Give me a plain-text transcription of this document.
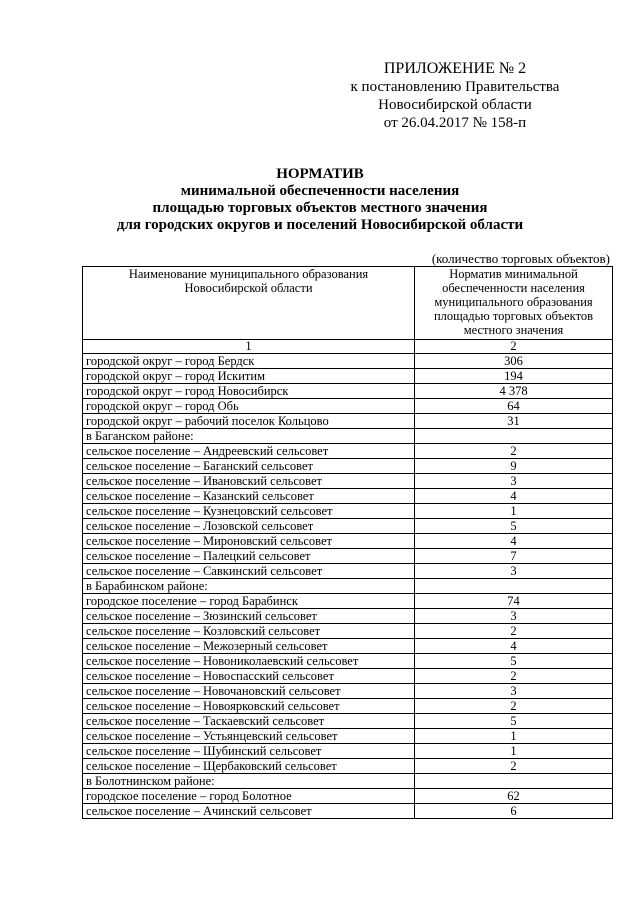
ПРИЛОЖЕНИЕ № 2
к постановлению Правительства
Новосибирской области
от 26.04.2017 № 158-п
НОРМАТИВ
минимальной обеспеченности населения
площадью торговых объектов местного значения
для городских округов и поселений Новосибирской области
(количество торговых объектов)
Наименование муниципального образования Новосибирской области	Норматив минимальной обеспеченности населения муниципального образования площадью торговых объектов местного значения
1	2
городской округ – город Бердск	306
городской округ – город Искитим	194
городской округ – город Новосибирск	4 378
городской округ – город Обь	64
городской округ – рабочий поселок Кольцово	31
в Баганском районе:	
сельское поселение – Андреевский сельсовет	2
сельское поселение – Баганский сельсовет	9
сельское поселение – Ивановский сельсовет	3
сельское поселение – Казанский сельсовет	4
сельское поселение – Кузнецовский сельсовет	1
сельское поселение – Лозовской сельсовет	5
сельское поселение – Мироновский сельсовет	4
сельское поселение – Палецкий сельсовет	7
сельское поселение – Савкинский сельсовет	3
в Барабинском районе:	
городское поселение – город Барабинск	74
сельское поселение – Зюзинский сельсовет	3
сельское поселение – Козловский сельсовет	2
сельское поселение – Межозерный сельсовет	4
сельское поселение – Новониколаевский сельсовет	5
сельское поселение – Новоспасский сельсовет	2
сельское поселение – Новочановский сельсовет	3
сельское поселение – Новоярковский сельсовет	2
сельское поселение – Таскаевский сельсовет	5
сельское поселение – Устьянцевский сельсовет	1
сельское поселение – Шубинский сельсовет	1
сельское поселение – Щербаковский сельсовет	2
в Болотнинском районе:	
городское поселение – город Болотное	62
сельское поселение – Ачинский сельсовет	6
